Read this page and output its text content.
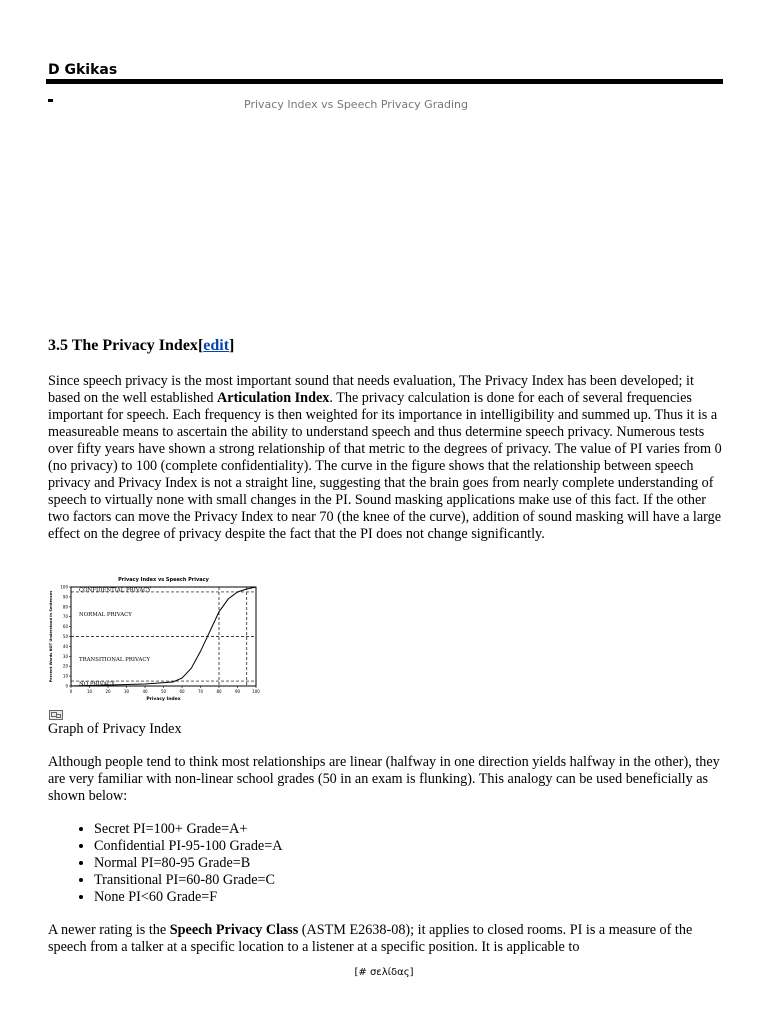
D Gkikas
Privacy Index vs Speech Privacy Grading
3.5 The Privacy Index[edit]

Since speech privacy is the most important sound that needs evaluation, The Privacy Index has been developed; it based on the well established Articulation Index. The privacy calculation is done for each of several frequencies important for speech. Each frequency is then weighted for its importance in intelligibility and summed up. Thus it is a measureable means to ascertain the ability to understand speech and thus determine speech privacy. Numerous tests over fifty years have shown a strong relationship of that metric to the degrees of privacy. The value of PI varies from 0 (no privacy) to 100 (complete confidentiality). The curve in the figure shows that the relationship between speech privacy and Privacy Index is not a straight line, suggesting that the brain goes from nearly complete understanding of speech to virtually none with small changes in the PI. Sound masking applications make use of this fact. If the other two factors can move the Privacy Index to near 70 (the knee of the curve), addition of sound masking will have a large effect on the degree of privacy despite the fact that the PI does not change significantly.

Privacy Index vs Speech Privacy
0
10
20
30
40
50
60
70
80
90
100
0	10	20	30	40	50	60	70	80	90	100
Privacy Index
Percent Words NOT Understood in Sentences
CONFIDENTIAL PRIVACY
NORMAL PRIVACY
TRANSITIONAL PRIVACY
NO PRIVACY

Graph of Privacy Index

Although people tend to think most relationships are linear (halfway in one direction yields halfway in the other), they are very familiar with non-linear school grades (50 in an exam is flunking). This analogy can be used beneficially as shown below:

• Secret PI=100+ Grade=A+
• Confidential PI-95-100 Grade=A
• Normal PI=80-95 Grade=B
• Transitional PI=60-80 Grade=C
• None PI<60 Grade=F

A newer rating is the Speech Privacy Class (ASTM E2638-08); it applies to closed rooms. PI is a measure of the speech from a talker at a specific location to a listener at a specific position. It is applicable to

[# σελίδας]
